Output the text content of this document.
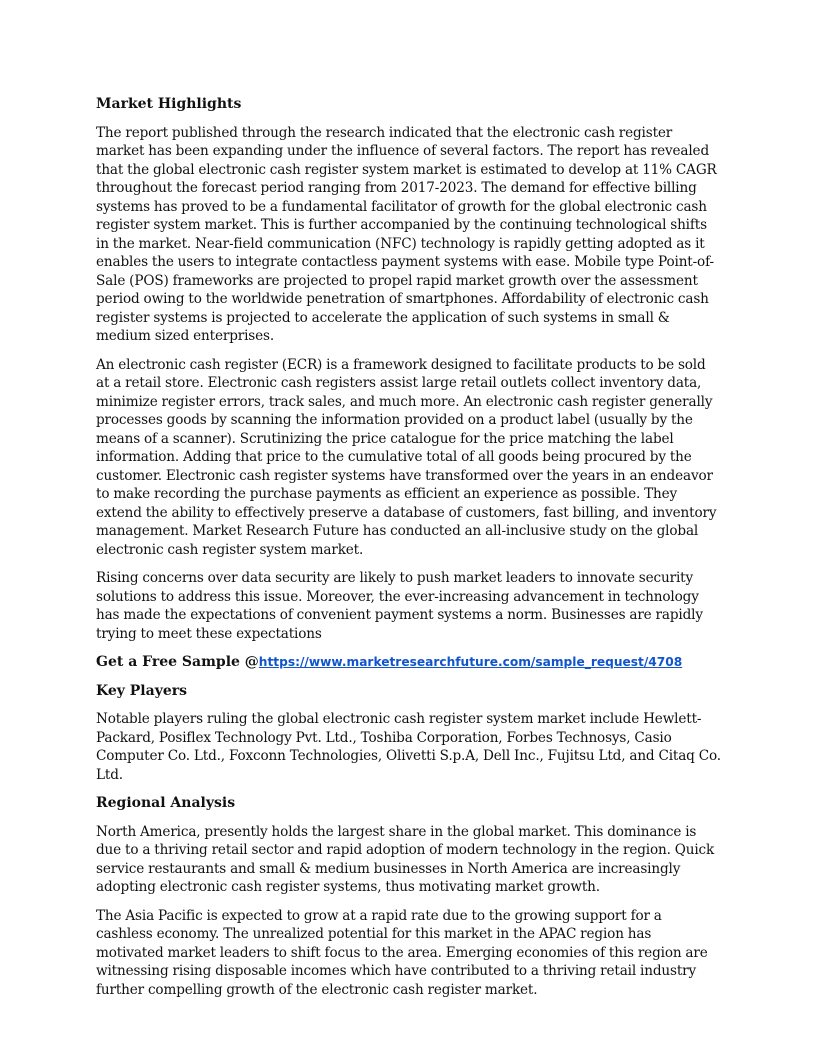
Market Highlights

The report published through the research indicated that the electronic cash register market has been expanding under the influence of several factors. The report has revealed that the global electronic cash register system market is estimated to develop at 11% CAGR throughout the forecast period ranging from 2017-2023. The demand for effective billing systems has proved to be a fundamental facilitator of growth for the global electronic cash register system market. This is further accompanied by the continuing technological shifts in the market. Near-field communication (NFC) technology is rapidly getting adopted as it enables the users to integrate contactless payment systems with ease. Mobile type Point-of-Sale (POS) frameworks are projected to propel rapid market growth over the assessment period owing to the worldwide penetration of smartphones. Affordability of electronic cash register systems is projected to accelerate the application of such systems in small & medium sized enterprises.

An electronic cash register (ECR) is a framework designed to facilitate products to be sold at a retail store. Electronic cash registers assist large retail outlets collect inventory data, minimize register errors, track sales, and much more. An electronic cash register generally processes goods by scanning the information provided on a product label (usually by the means of a scanner). Scrutinizing the price catalogue for the price matching the label information. Adding that price to the cumulative total of all goods being procured by the customer. Electronic cash register systems have transformed over the years in an endeavor to make recording the purchase payments as efficient an experience as possible. They extend the ability to effectively preserve a database of customers, fast billing, and inventory management. Market Research Future has conducted an all-inclusive study on the global electronic cash register system market.

Rising concerns over data security are likely to push market leaders to innovate security solutions to address this issue. Moreover, the ever-increasing advancement in technology has made the expectations of convenient payment systems a norm. Businesses are rapidly trying to meet these expectations

Get a Free Sample @https://www.marketresearchfuture.com/sample_request/4708
Key Players

Notable players ruling the global electronic cash register system market include Hewlett-Packard, Posiflex Technology Pvt. Ltd., Toshiba Corporation, Forbes Technosys, Casio Computer Co. Ltd., Foxconn Technologies, Olivetti S.p.A, Dell Inc., Fujitsu Ltd, and Citaq Co. Ltd.

Regional Analysis

North America, presently holds the largest share in the global market. This dominance is due to a thriving retail sector and rapid adoption of modern technology in the region. Quick service restaurants and small & medium businesses in North America are increasingly adopting electronic cash register systems, thus motivating market growth.

The Asia Pacific is expected to grow at a rapid rate due to the growing support for a cashless economy. The unrealized potential for this market in the APAC region has motivated market leaders to shift focus to the area. Emerging economies of this region are witnessing rising disposable incomes which have contributed to a thriving retail industry further compelling growth of the electronic cash register market.
